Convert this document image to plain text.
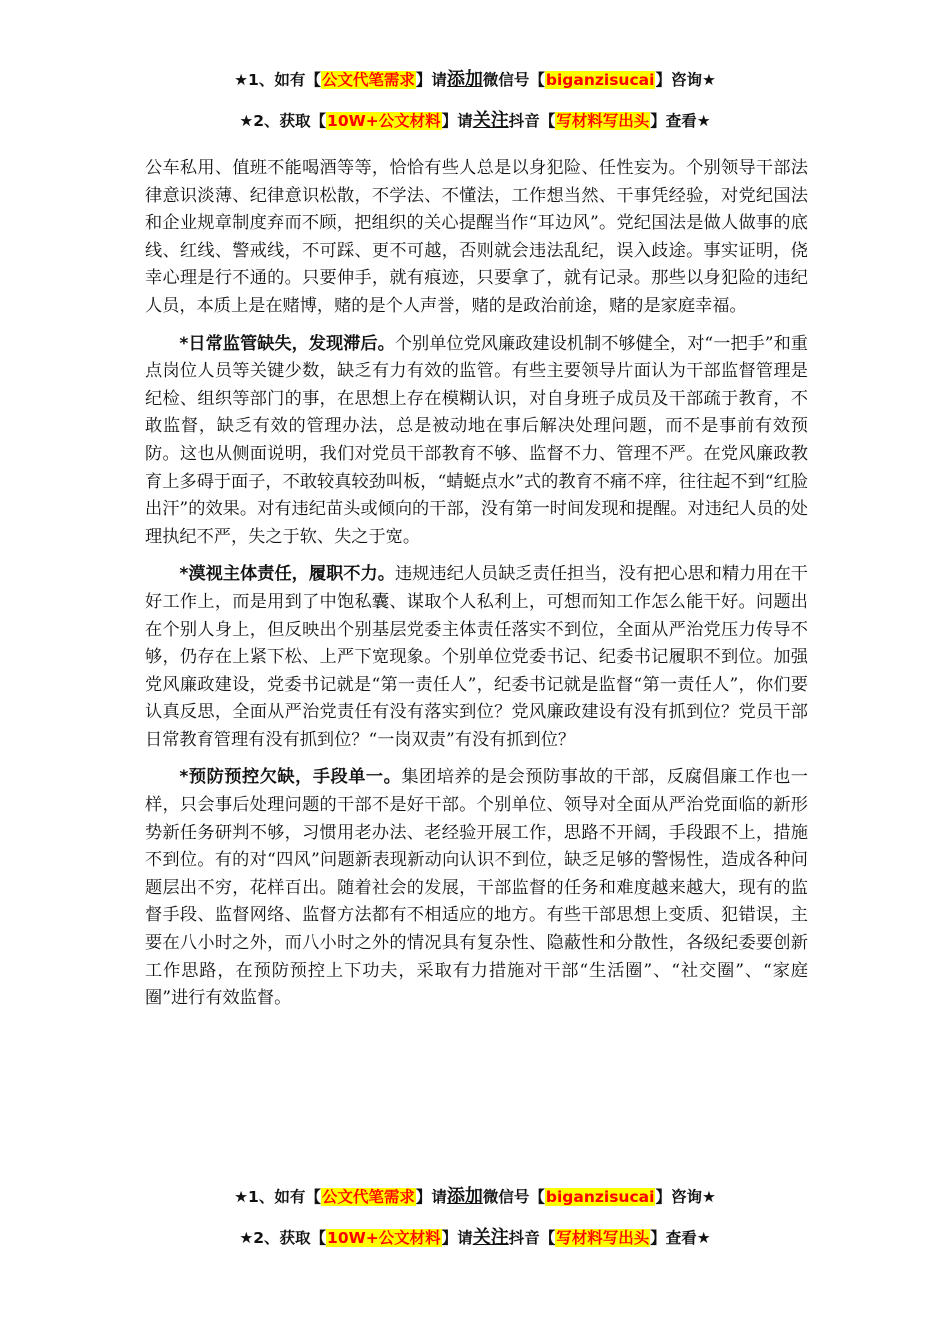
★1、如有【公文代笔需求】请添加微信号【biganzisucai】咨询★
★2、获取【10W+公文材料】请关注抖音【写材料写出头】查看★

公车私用、值班不能喝酒等等，恰恰有些人总是以身犯险、任性妄为。个别领导干部法律意识淡薄、纪律意识松散，不学法、不懂法，工作想当然、干事凭经验，对党纪国法和企业规章制度弃而不顾，把组织的关心提醒当作“耳边风”。党纪国法是做人做事的底线、红线、警戒线，不可踩、更不可越，否则就会违法乱纪，误入歧途。事实证明，侥幸心理是行不通的。只要伸手，就有痕迹，只要拿了，就有记录。那些以身犯险的违纪人员，本质上是在赌博，赌的是个人声誉，赌的是政治前途，赌的是家庭幸福。

*日常监管缺失，发现滞后。个别单位党风廉政建设机制不够健全，对“一把手”和重点岗位人员等关键少数，缺乏有力有效的监管。有些主要领导片面认为干部监督管理是纪检、组织等部门的事，在思想上存在模糊认识，对自身班子成员及干部疏于教育，不敢监督，缺乏有效的管理办法，总是被动地在事后解决处理问题，而不是事前有效预防。这也从侧面说明，我们对党员干部教育不够、监督不力、管理不严。在党风廉政教育上多碍于面子，不敢较真较劲叫板，“蜻蜓点水”式的教育不痛不痒，往往起不到“红脸出汗”的效果。对有违纪苗头或倾向的干部，没有第一时间发现和提醒。对违纪人员的处理执纪不严，失之于软、失之于宽。

*漠视主体责任，履职不力。违规违纪人员缺乏责任担当，没有把心思和精力用在干好工作上，而是用到了中饱私囊、谋取个人私利上，可想而知工作怎么能干好。问题出在个别人身上，但反映出个别基层党委主体责任落实不到位，全面从严治党压力传导不够，仍存在上紧下松、上严下宽现象。个别单位党委书记、纪委书记履职不到位。加强党风廉政建设，党委书记就是“第一责任人”，纪委书记就是监督“第一责任人”，你们要认真反思，全面从严治党责任有没有落实到位？党风廉政建设有没有抓到位？党员干部日常教育管理有没有抓到位？“一岗双责”有没有抓到位？

*预防预控欠缺，手段单一。集团培养的是会预防事故的干部，反腐倡廉工作也一样，只会事后处理问题的干部不是好干部。个别单位、领导对全面从严治党面临的新形势新任务研判不够，习惯用老办法、老经验开展工作，思路不开阔，手段跟不上，措施不到位。有的对“四风”问题新表现新动向认识不到位，缺乏足够的警惕性，造成各种问题层出不穷，花样百出。随着社会的发展，干部监督的任务和难度越来越大，现有的监督手段、监督网络、监督方法都有不相适应的地方。有些干部思想上变质、犯错误，主要在八小时之外，而八小时之外的情况具有复杂性、隐蔽性和分散性，各级纪委要创新工作思路，在预防预控上下功夫，采取有力措施对干部“生活圈”、“社交圈”、“家庭圈”进行有效监督。

★1、如有【公文代笔需求】请添加微信号【biganzisucai】咨询★
★2、获取【10W+公文材料】请关注抖音【写材料写出头】查看★
